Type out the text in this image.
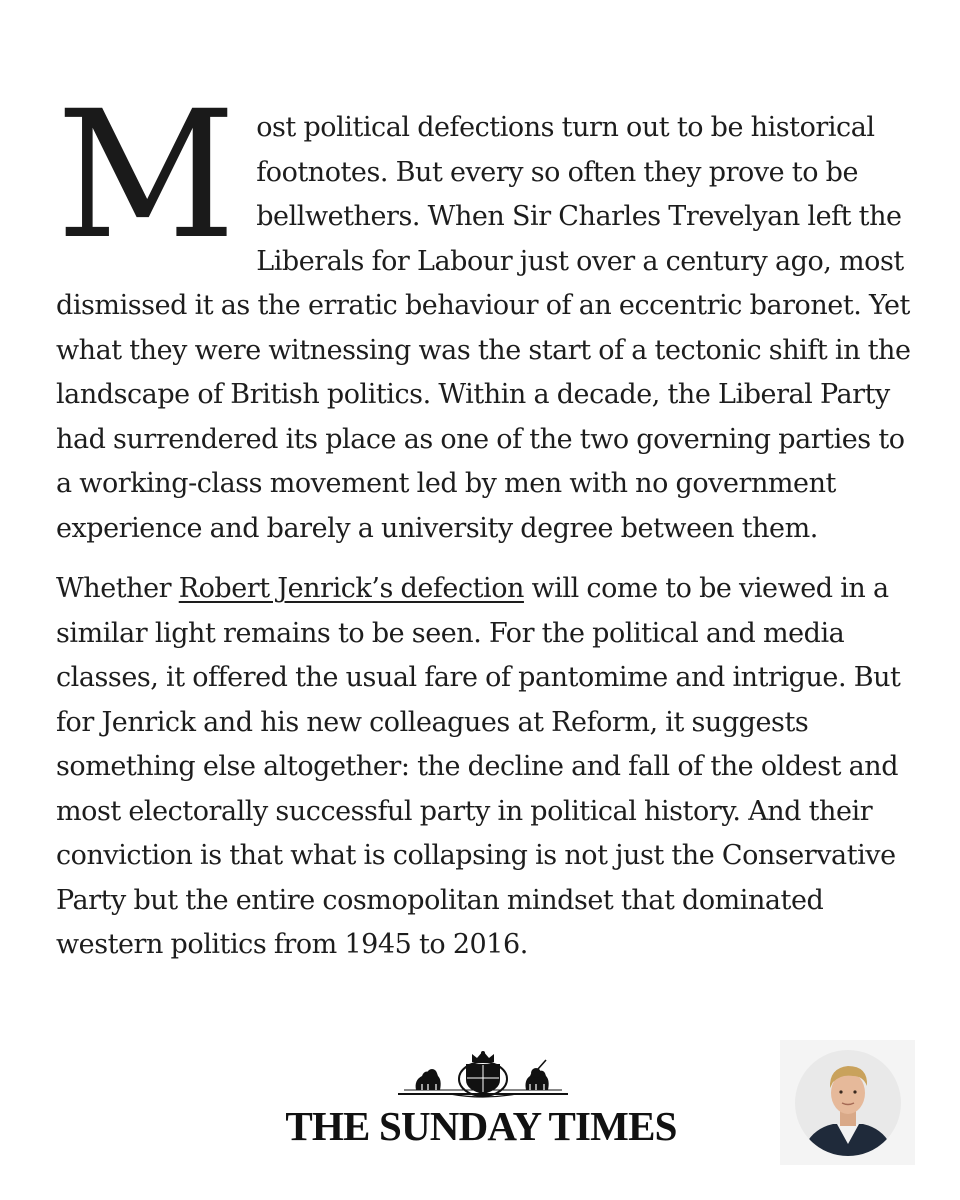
Most political defections turn out to be historical footnotes. But every so often they prove to be bellwethers. When Sir Charles Trevelyan left the Liberals for Labour just over a century ago, most dismissed it as the erratic behaviour of an eccentric baronet. Yet what they were witnessing was the start of a tectonic shift in the landscape of British politics. Within a decade, the Liberal Party had surrendered its place as one of the two governing parties to a working-class movement led by men with no government experience and barely a university degree between them.

Whether Robert Jenrick’s defection will come to be viewed in a similar light remains to be seen. For the political and media classes, it offered the usual fare of pantomime and intrigue. But for Jenrick and his new colleagues at Reform, it suggests something else altogether: the decline and fall of the oldest and most electorally successful party in political history. And their conviction is that what is collapsing is not just the Conservative Party but the entire cosmopolitan mindset that dominated western politics from 1945 to 2016.

THE SUNDAY TIMES
